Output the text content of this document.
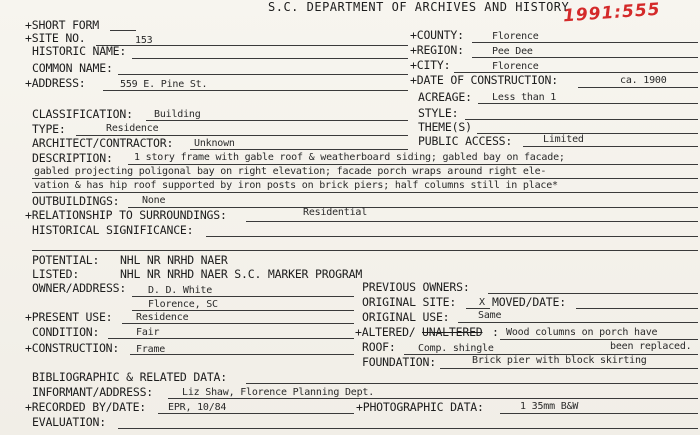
S.C. DEPARTMENT OF ARCHIVES AND HISTORY
1991:555
+SHORT FORM
+SITE NO.	153	+COUNTY:	Florence
HISTORIC NAME:	+REGION:	Pee Dee
COMMON NAME:	+CITY:	Florence
+ADDRESS:	559 E. Pine St.	+DATE OF CONSTRUCTION:	ca. 1900
ACREAGE: Less than 1
CLASSIFICATION: Building	STYLE:
TYPE:	Residence	THEME(S)
ARCHITECT/CONTRACTOR: Unknown	PUBLIC ACCESS:	Limited
DESCRIPTION: 1 story frame with gable roof & weatherboard siding; gabled bay on facade;
gabled projecting poligonal bay on right elevation; facade porch wraps around right ele-
vation & has hip roof supported by iron posts on brick piers; half columns still in place*
OUTBUILDINGS: None
+RELATIONSHIP TO SURROUNDINGS:	Residential
HISTORICAL SIGNIFICANCE:
POTENTIAL: NHL NR NRHD NAER
LISTED:	NHL NR NRHD NAER S.C. MARKER PROGRAM
OWNER/ADDRESS: D. D. White
Florence, SC
PREVIOUS OWNERS:
ORIGINAL SITE: X MOVED/DATE:
+PRESENT USE: Residence	ORIGINAL USE:	Same
CONDITION:	Fair	+ALTERED/ UNALTERED : Wood columns on porch have
+CONSTRUCTION: Frame	ROOF: Comp. shingle	been replaced.
FOUNDATION:	Brick pier with block skirting
BIBLIOGRAPHIC & RELATED DATA:
INFORMANT/ADDRESS:	Liz Shaw, Florence Planning Dept.
+RECORDED BY/DATE: EPR, 10/84	+PHOTOGRAPHIC DATA:	1 35mm B&W
EVALUATION:
